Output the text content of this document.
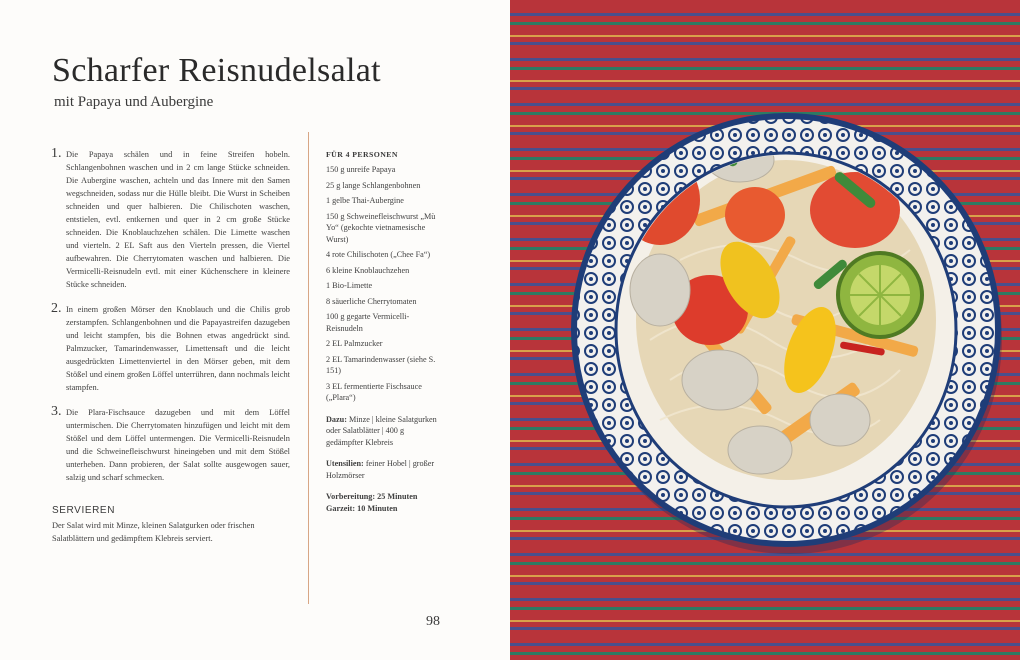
Scharfer Reisnudelsalat
mit Papaya und Aubergine
1. Die Papaya schälen und in feine Streifen hobeln. Schlangenbohnen waschen und in 2 cm lange Stücke schneiden. Die Aubergine waschen, achteln und das Innere mit den Samen wegschneiden, sodass nur die Hülle bleibt. Die Wurst in Scheiben schneiden und quer halbieren. Die Chilischoten waschen, entstielen, evtl. entkernen und quer in 2 cm große Stücke schneiden. Die Knoblauchzehen schälen. Die Limette waschen und vierteln. 2 EL Saft aus den Vierteln pressen, die Viertel aufbewahren. Die Cherrytomaten waschen und halbieren. Die Vermicelli-Reisnudeln evtl. mit einer Küchenschere in kleinere Stücke schneiden.

2. In einem großen Mörser den Knoblauch und die Chilis grob zerstampfen. Schlangenbohnen und die Papayastreifen dazugeben und leicht stampfen, bis die Bohnen etwas angedrückt sind. Palmzucker, Tamarindenwasser, Limettensaft und die leicht ausgedrückten Limettenviertel in den Mörser geben, mit dem Stößel und einem großen Löffel unterrühren, dann nochmals leicht stampfen.

3. Die Plara-Fischsauce dazugeben und mit dem Löffel untermischen. Die Cherrytomaten hinzufügen und leicht mit dem Stößel und dem Löffel untermengen. Die Vermicelli-Reisnudeln und die Schweinefleischwurst hineingeben und mit dem Stößel unterheben. Dann probieren, der Salat sollte ausgewogen sauer, salzig und scharf schmecken.

SERVIEREN

Der Salat wird mit Minze, kleinen Salatgurken oder frischen Salatblättern und gedämpftem Klebreis serviert.

FÜR 4 PERSONEN

150 g unreife Papaya

25 g lange Schlangenbohnen

1 gelbe Thai-Aubergine

150 g Schweinefleischwurst „Mù Yo“ (gekochte vietnamesische Wurst)

4 rote Chilischoten („Chee Fa“)

6 kleine Knoblauchzehen

1 Bio-Limette

8 säuerliche Cherrytomaten

100 g gegarte Vermicelli-Reisnudeln

2 EL Palmzucker

2 EL Tamarindenwasser (siehe S. 151)

3 EL fermentierte Fischsauce („Plara“)

Dazu: Minze | kleine Salatgurken oder Salatblätter | 400 g gedämpfter Klebreis

Utensilien: feiner Hobel | großer Holzmörser

Vorbereitung: 25 Minuten
Garzeit: 10 Minuten

98
